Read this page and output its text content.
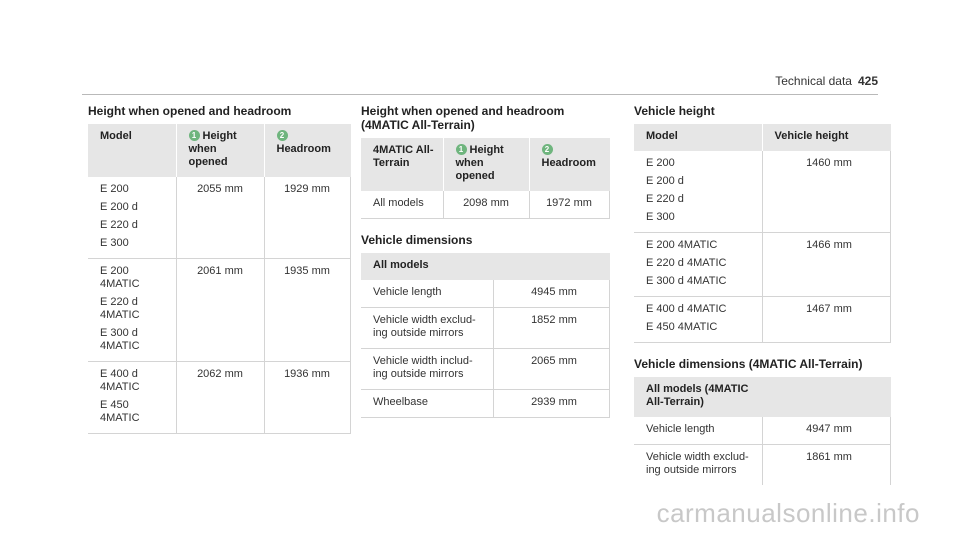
Technical data 425
Height when opened and headroom
Model	1 Height when opened	2Headroom

E 200
E 200 d
E 220 d
E 300	2055 mm	1929 mm

E 200 4MATIC
E 220 d 4MATIC
E 300 d 4MATIC	2061 mm	1935 mm

E 400 d 4MATIC
E 450 4MATIC	2062 mm	1936 mm
Height when opened and headroom (4MATIC All-Terrain)
4MATIC All-Terrain	1 Height when opened	2Headroom
All models	2098 mm	1972 mm
Vehicle dimensions
All models	
Vehicle length	4945 mm
Vehicle width exclud-ing outside mirrors	1852 mm
Vehicle width includ-ing outside mirrors	2065 mm
Wheelbase	2939 mm
Vehicle height
Model	Vehicle height

E 200
E 200 d
E 220 d
E 300	1460 mm

E 200 4MATIC
E 220 d 4MATIC
E 300 d 4MATIC	1466 mm

E 400 d 4MATIC
E 450 4MATIC	1467 mm
Vehicle dimensions (4MATIC All-Terrain)
All models (4MATIC All-Terrain)	
Vehicle length	4947 mm
Vehicle width exclud-ing outside mirrors	1861 mm
carmanualsonline.info
